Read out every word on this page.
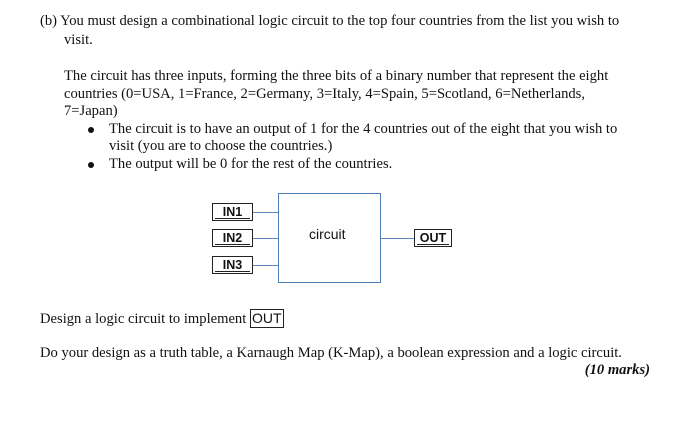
(b) You must design a combinational logic circuit to the top four countries from the list you wish to
visit.
The circuit has three inputs, forming the three bits of a binary number that represent the eight
countries (0=USA, 1=France, 2=Germany, 3=Italy, 4=Spain, 5=Scotland, 6=Netherlands,
7=Japan)
The circuit is to have an output of 1 for the 4 countries out of the eight that you wish to
visit (you are to choose the countries.)
The output will be 0 for the rest of the countries.
IN1
IN2
IN3
circuit	OUT
Design a logic circuit to implement OUT
Do your design as a truth table, a Karnaugh Map (K-Map), a boolean expression and a logic circuit.
(10 marks)
